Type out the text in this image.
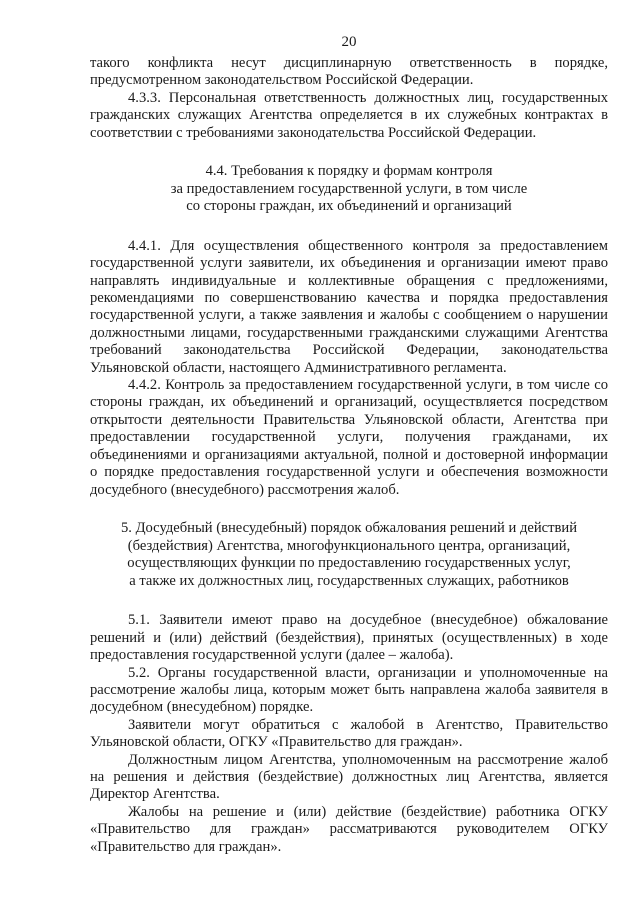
20

такого конфликта несут дисциплинарную ответственность в порядке, предусмотренном законодательством Российской Федерации.

4.3.3. Персональная ответственность должностных лиц, государственных гражданских служащих Агентства определяется в их служебных контрактах в соответствии с требованиями законодательства Российской Федерации.

4.4. Требования к порядку и формам контроля
за предоставлением государственной услуги, в том числе
со стороны граждан, их объединений и организаций

4.4.1. Для осуществления общественного контроля за предоставлением государственной услуги заявители, их объединения и организации имеют право направлять индивидуальные и коллективные обращения с предложениями, рекомендациями по совершенствованию качества и порядка предоставления государственной услуги, а также заявления и жалобы с сообщением о нарушении должностными лицами, государственными гражданскими служащими Агентства требований законодательства Российской Федерации, законодательства Ульяновской области, настоящего Административного регламента.

4.4.2. Контроль за предоставлением государственной услуги, в том числе со стороны граждан, их объединений и организаций, осуществляется посредством открытости деятельности Правительства Ульяновской области, Агентства при предоставлении государственной услуги, получения гражданами, их объединениями и организациями актуальной, полной и достоверной информации о порядке предоставления государственной услуги и обеспечения возможности досудебного (внесудебного) рассмотрения жалоб.

5. Досудебный (внесудебный) порядок обжалования решений и действий
(бездействия) Агентства, многофункционального центра, организаций,
осуществляющих функции по предоставлению государственных услуг,
а также их должностных лиц, государственных служащих, работников

5.1. Заявители имеют право на досудебное (внесудебное) обжалование решений и (или) действий (бездействия), принятых (осуществленных) в ходе предоставления государственной услуги (далее – жалоба).

5.2. Органы государственной власти, организации и уполномоченные на рассмотрение жалобы лица, которым может быть направлена жалоба заявителя в досудебном (внесудебном) порядке.

Заявители могут обратиться с жалобой в Агентство, Правительство Ульяновской области, ОГКУ «Правительство для граждан».

Должностным лицом Агентства, уполномоченным на рассмотрение жалоб на решения и действия (бездействие) должностных лиц Агентства, является Директор Агентства.

Жалобы на решение и (или) действие (бездействие) работника ОГКУ «Правительство для граждан» рассматриваются руководителем ОГКУ «Правительство для граждан».
